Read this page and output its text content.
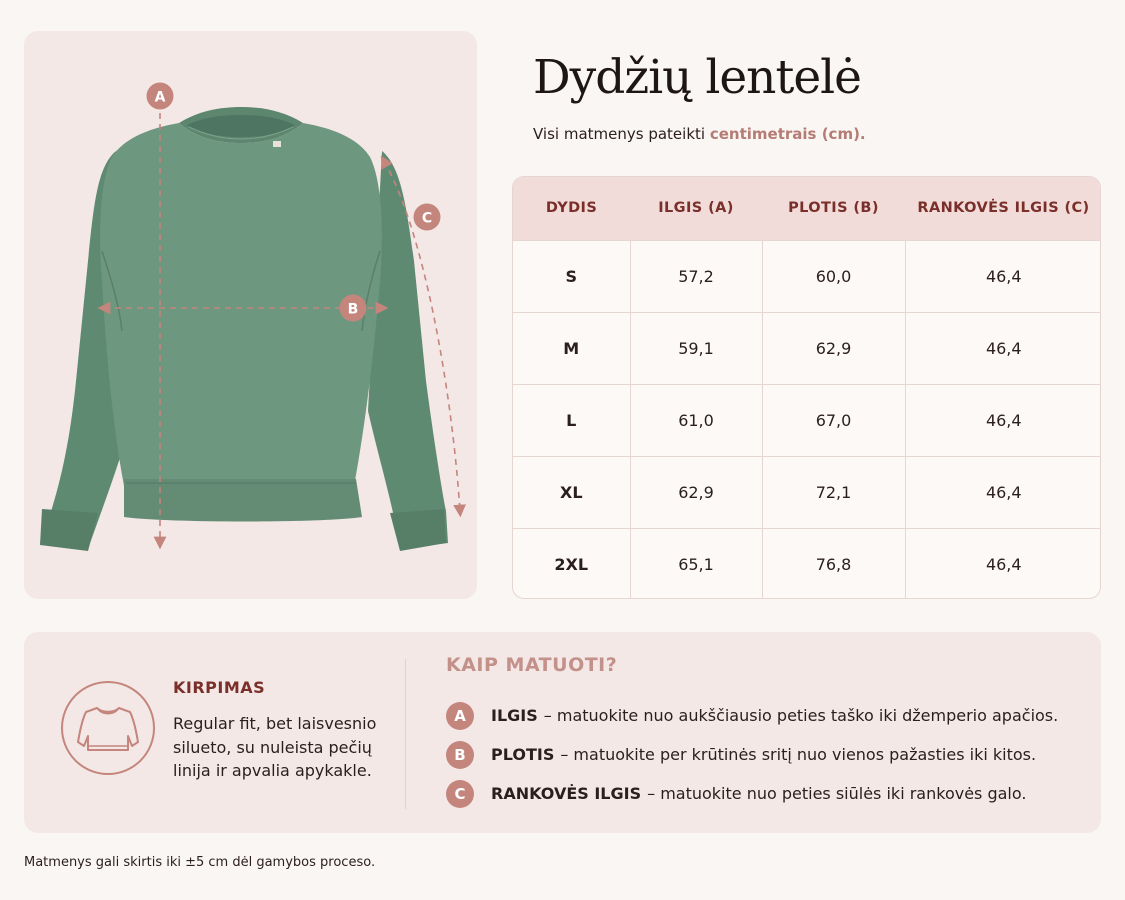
A
B
C
Dydžių lentelė

Visi matmenys pateikti centimetrais (cm).

DYDIS	ILGIS (A)	PLOTIS (B)	RANKOVĖS ILGIS (C)
S	57,2	60,0	46,4
M	59,1	62,9	46,4
L	61,0	67,0	46,4
XL	62,9	72,1	46,4
2XL	65,1	76,8	46,4
KIRPIMAS

Regular fit, bet laisvesnio silueto, su nuleista pečių linija ir apvalia apykakle.

KAIP MATUOTI?
A	ILGIS – matuokite nuo aukščiausio peties taško iki džemperio apačios.
B	PLOTIS – matuokite per krūtinės sritį nuo vienos pažasties iki kitos.
C	RANKOVĖS ILGIS – matuokite nuo peties siūlės iki rankovės galo.

Matmenys gali skirtis iki ±5 cm dėl gamybos proceso.
